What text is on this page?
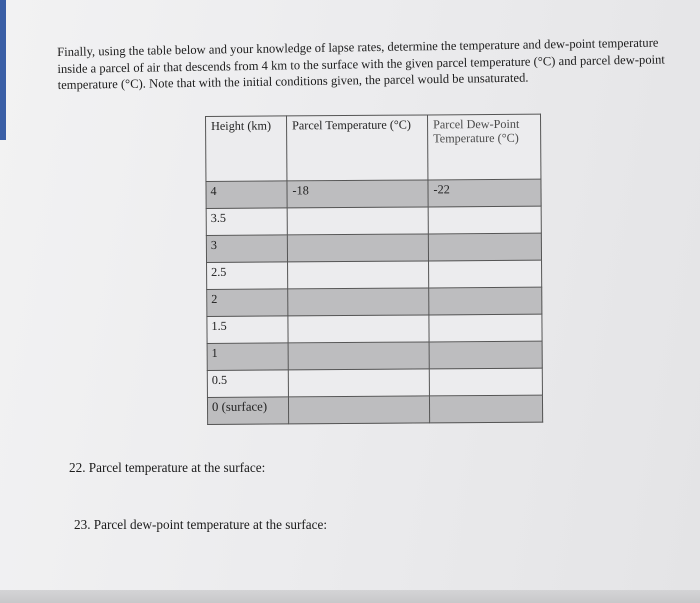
Finally, using the table below and your knowledge of lapse rates, determine the temperature and dew-point temperature inside a parcel of air that descends from 4 km to the surface with the given parcel temperature (°C) and parcel dew-point temperature (°C). Note that with the initial conditions given, the parcel would be unsaturated.

Height (km)	Parcel Temperature (°C)	Parcel Dew-Point Temperature (°C)
4	-18	-22
3.5		
3		
2.5		
2		
1.5		
1		
0.5		
0 (surface)		

22. Parcel temperature at the surface:

23. Parcel dew-point temperature at the surface:
